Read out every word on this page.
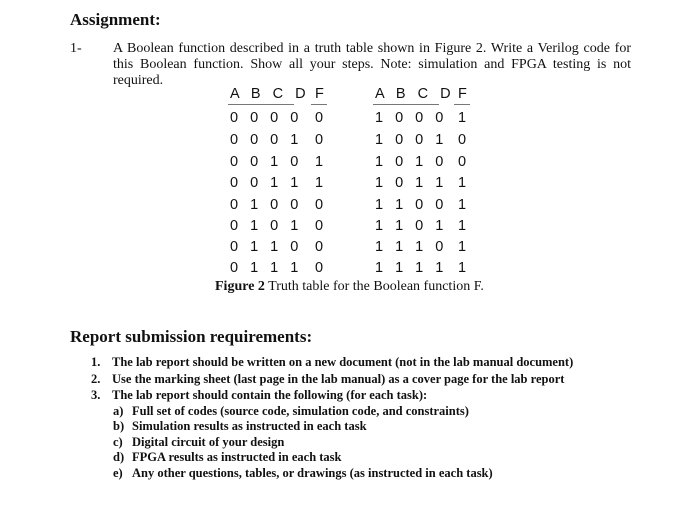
Assignment:
1- A Boolean function described in a truth table shown in Figure 2. Write a Verilog code for this Boolean function. Show all your steps. Note: simulation and FPGA testing is not required.
A B C D F	A B C D F
0 0 0 0 0
0 0 0 1 0
0 0 1 0 1
0 0 1 1 1
0 1 0 0 0
0 1 0 1 0
0 1 1 0 0
0 1 1 1 0
1 0 0 0 1
1 0 0 1 0
1 0 1 0 0
1 0 1 1 1
1 1 0 0 1
1 1 0 1 1
1 1 1 0 1
1 1 1 1 1
Figure 2 Truth table for the Boolean function F.
Report submission requirements:
1. The lab report should be written on a new document (not in the lab manual document)
2. Use the marking sheet (last page in the lab manual) as a cover page for the lab report
3. The lab report should contain the following (for each task):
a) Full set of codes (source code, simulation code, and constraints)
b) Simulation results as instructed in each task
c) Digital circuit of your design
d) FPGA results as instructed in each task
e) Any other questions, tables, or drawings (as instructed in each task)
